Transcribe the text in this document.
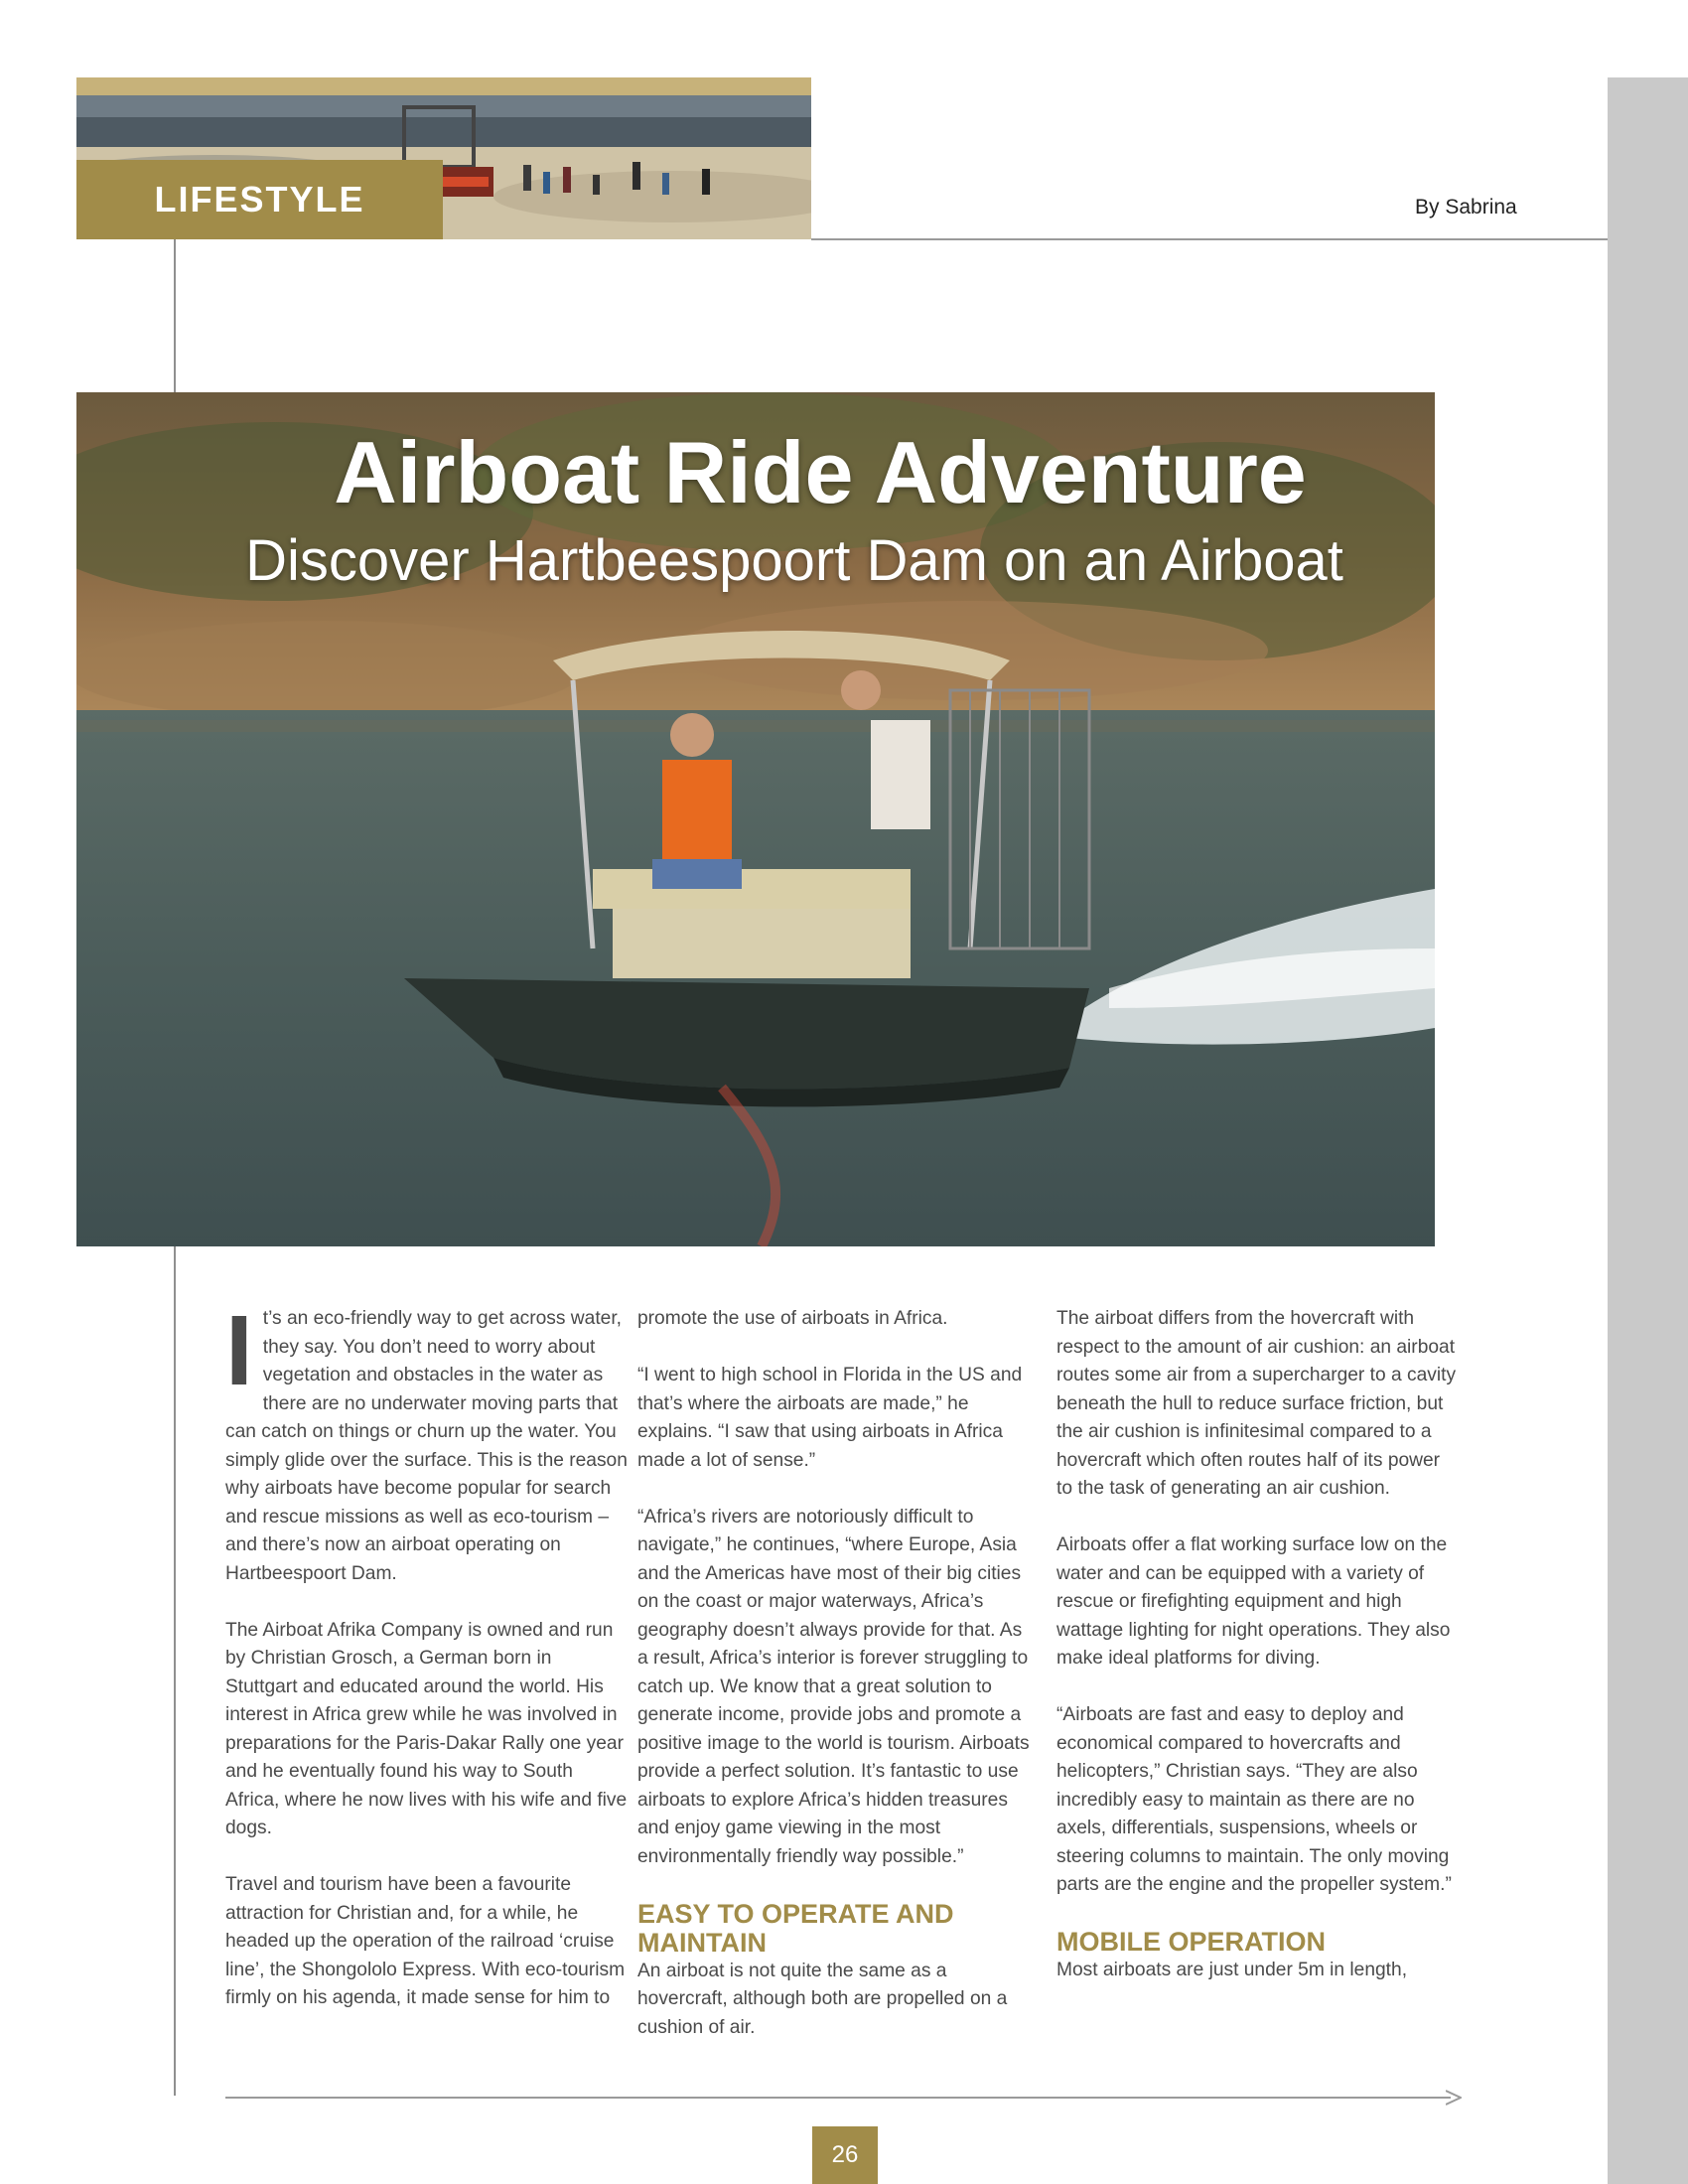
LIFESTYLE	By Sabrina
Airboat Ride Adventure
Discover Hartbeespoort Dam on an Airboat

It’s an eco-friendly way to get across water, they say. You don’t need to worry about vegetation and obstacles in the water as there are no underwater moving parts that can catch on things or churn up the water. You simply glide over the surface. This is the reason why airboats have become popular for search and rescue missions as well as eco-tourism – and there’s now an airboat operating on Hartbeespoort Dam.

The Airboat Afrika Company is owned and run by Christian Grosch, a German born in Stuttgart and educated around the world. His interest in Africa grew while he was involved in preparations for the Paris-Dakar Rally one year and he eventually found his way to South Africa, where he now lives with his wife and five dogs.

Travel and tourism have been a favourite attraction for Christian and, for a while, he headed up the operation of the railroad ‘cruise line’, the Shongololo Express. With eco-tourism firmly on his agenda, it made sense for him to

promote the use of airboats in Africa.

“I went to high school in Florida in the US and that’s where the airboats are made,” he explains. “I saw that using airboats in Africa made a lot of sense.”

“Africa’s rivers are notoriously difficult to navigate,” he continues, “where Europe, Asia and the Americas have most of their big cities on the coast or major waterways, Africa’s geography doesn’t always provide for that. As a result, Africa’s interior is forever struggling to catch up. We know that a great solution to generate income, provide jobs and promote a positive image to the world is tourism. Airboats provide a perfect solution. It’s fantastic to use airboats to explore Africa’s hidden treasures and enjoy game viewing in the most environmentally friendly way possible.”

EASY TO OPERATE AND MAINTAIN

An airboat is not quite the same as a hovercraft, although both are propelled on a cushion of air.

The airboat differs from the hovercraft with respect to the amount of air cushion: an airboat routes some air from a supercharger to a cavity beneath the hull to reduce surface friction, but the air cushion is infinitesimal compared to a hovercraft which often routes half of its power to the task of generating an air cushion.

Airboats offer a flat working surface low on the water and can be equipped with a variety of rescue or firefighting equipment and high wattage lighting for night operations. They also make ideal platforms for diving.

“Airboats are fast and easy to deploy and economical compared to hovercrafts and helicopters,” Christian says. “They are also incredibly easy to maintain as there are no axels, differentials, suspensions, wheels or steering columns to maintain. The only moving parts are the engine and the propeller system.”

MOBILE OPERATION

Most airboats are just under 5m in length,

26
